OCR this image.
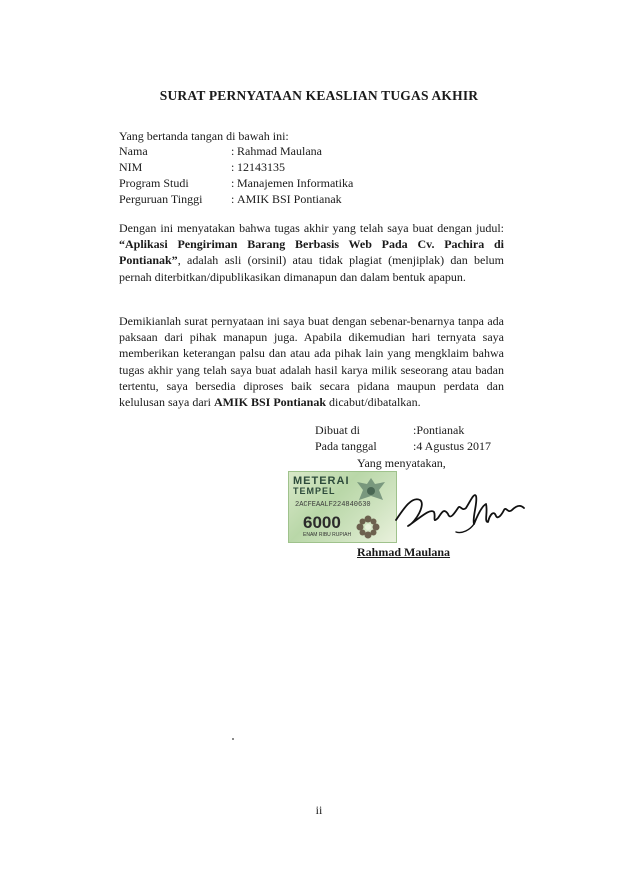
SURAT PERNYATAAN KEASLIAN TUGAS AKHIR
Yang bertanda tangan di bawah ini:
Nama	: Rahmad Maulana
NIM	: 12143135
Program Studi	: Manajemen Informatika
Perguruan Tinggi	: AMIK BSI Pontianak
Dengan ini menyatakan bahwa tugas akhir yang telah saya buat dengan judul: “Aplikasi Pengiriman Barang Berbasis Web Pada Cv. Pachira di Pontianak”, adalah asli (orsinil) atau tidak plagiat (menjiplak) dan belum pernah diterbitkan/dipublikasikan dimanapun dan dalam bentuk apapun.
Demikianlah surat pernyataan ini saya buat dengan sebenar-benarnya tanpa ada paksaan dari pihak manapun juga. Apabila dikemudian hari ternyata saya memberikan keterangan palsu dan atau ada pihak lain yang mengklaim bahwa tugas akhir yang telah saya buat adalah hasil karya milik seseorang atau badan tertentu, saya bersedia diproses baik secara pidana maupun perdata dan kelulusan saya dari AMIK BSI Pontianak dicabut/dibatalkan.
Dibuat di	: Pontianak
Pada tanggal	: 4 Agustus 2017
Yang menyatakan,
METERAI
TEMPEL
2ACFEAALF224840630
6000
ENAM RIBU RUPIAH
Rahmad Maulana
ii
